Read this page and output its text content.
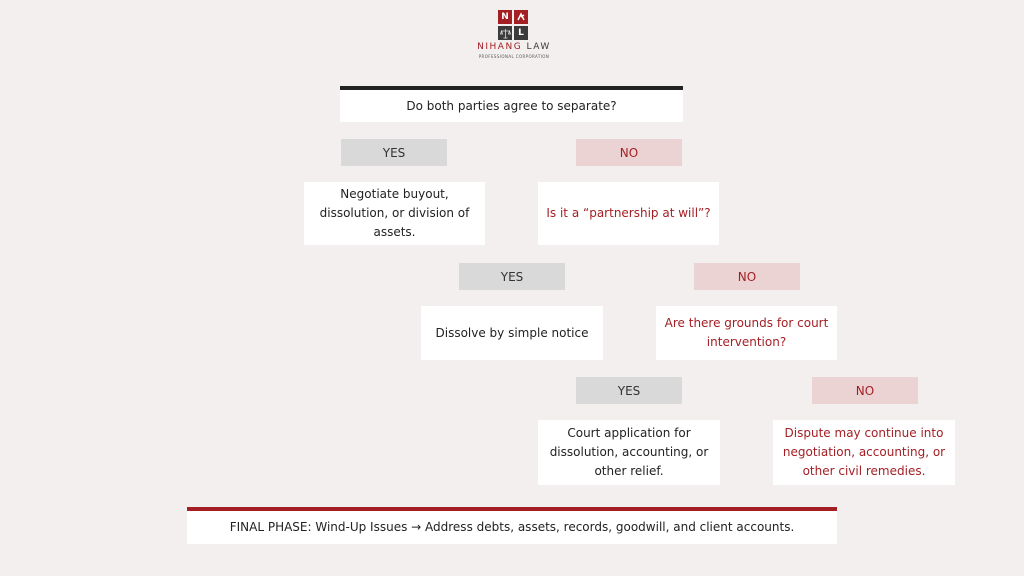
N
L
NIHANG LAW
PROFESSIONAL CORPORATION
Do both parties agree to separate?
YES	NO
Negotiate buyout, dissolution, or division of assets.
Is it a “partnership at will”?
YES	NO
Dissolve by simple notice
Are there grounds for court intervention?
YES	NO
Court application for dissolution, accounting, or other relief.
Dispute may continue into negotiation, accounting, or other civil remedies.
FINAL PHASE: Wind-Up Issues → Address debts, assets, records, goodwill, and client accounts.
